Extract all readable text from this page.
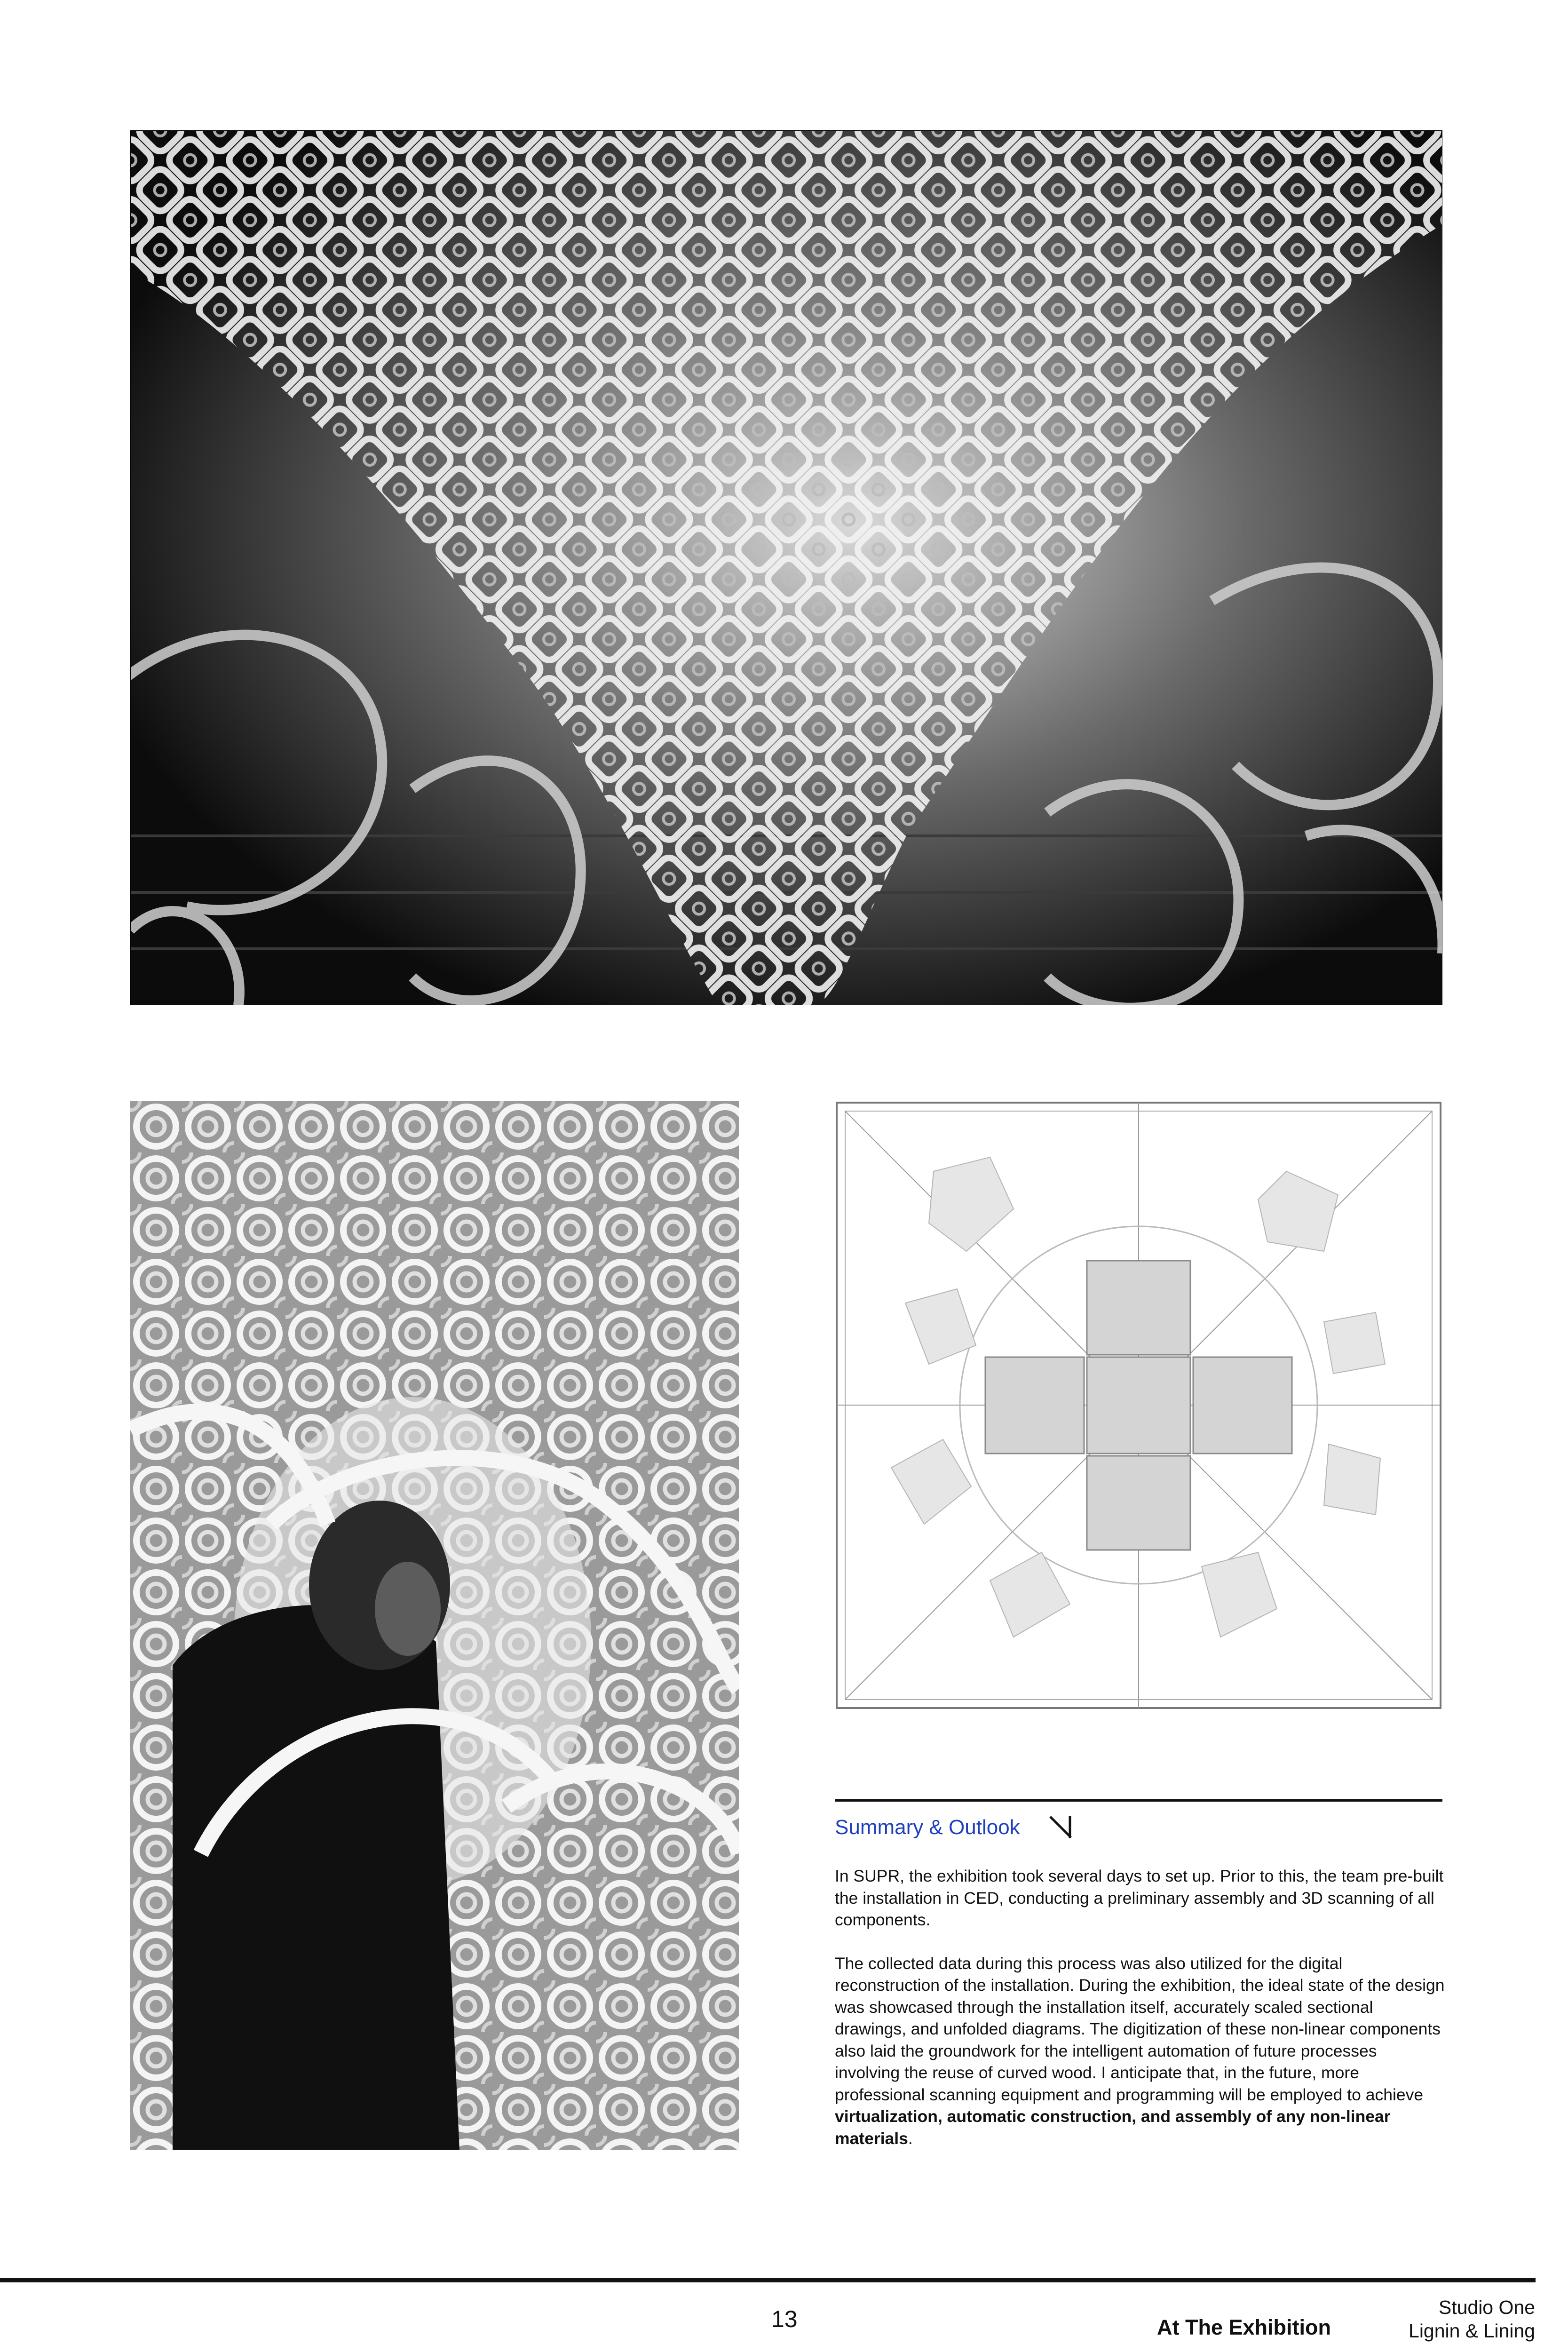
Summary & Outlook

In SUPR, the exhibition took several days to set up. Prior to this, the team pre-built the installation in CED, conducting a preliminary assembly and 3D scanning of all components.

The collected data during this process was also utilized for the digital reconstruction of the installation. During the exhibition, the ideal state of the design was showcased through the installation itself, accurately scaled sectional drawings, and unfolded diagrams. The digitization of these non-linear components also laid the groundwork for the intelligent automation of future processes involving the reuse of curved wood. I anticipate that, in the future, more professional scanning equipment and programming will be employed to achieve virtualization, automatic construction, and assembly of any non-linear materials.

13	At The Exhibition
Studio One
Lignin & Lining
